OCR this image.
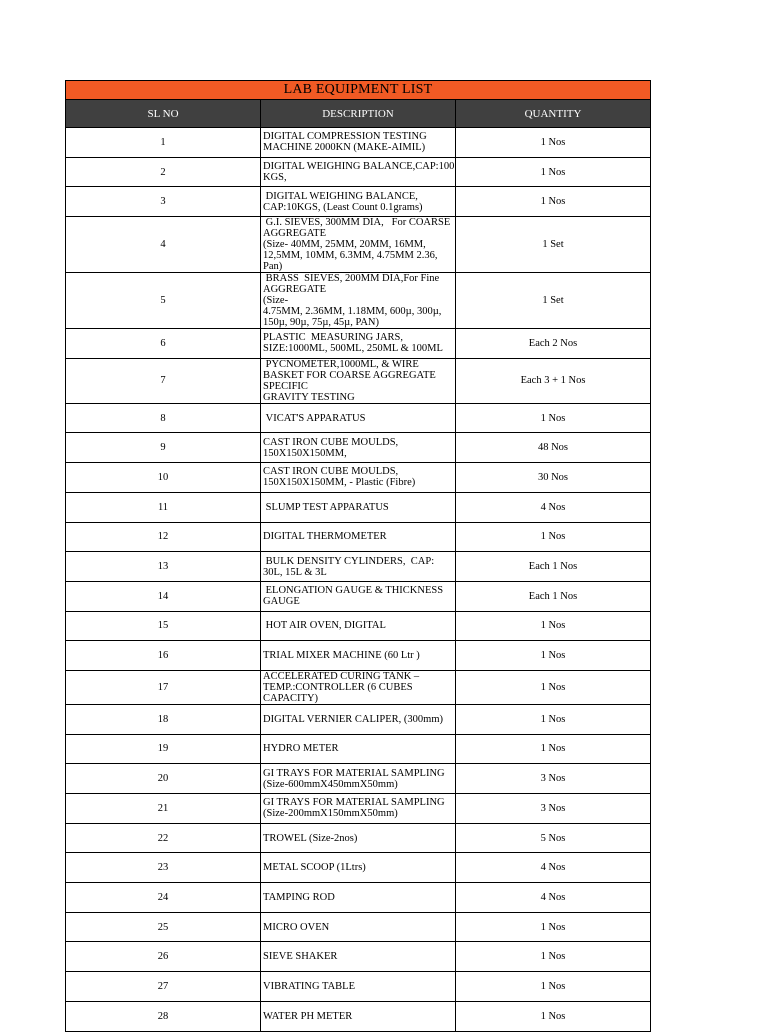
LAB EQUIPMENT LIST		
SL NO	DESCRIPTION	QUANTITY
1	DIGITAL COMPRESSION TESTING MACHINE 2000KN (MAKE-AIMIL)	1 Nos
2	DIGITAL WEIGHING BALANCE,CAP:100 KGS,	1 Nos
3	DIGITAL WEIGHING BALANCE, CAP:10KGS, (Least Count 0.1grams)	1 Nos
4	G.I. SIEVES, 300MM DIA,   For COARSE AGGREGATE
(Size- 40MM, 25MM, 20MM, 16MM, 12,5MM, 10MM, 6.3MM, 4.75MM 2.36, Pan)	1 Set
5	BRASS  SIEVES, 200MM DIA,For Fine AGGREGATE                                        (Size-
4.75MM, 2.36MM, 1.18MM, 600µ, 300µ, 150µ, 90µ, 75µ, 45µ, PAN)	1 Set
6	PLASTIC  MEASURING JARS, SIZE:1000ML, 500ML, 250ML & 100ML	Each 2 Nos
7	PYCNOMETER,1000ML, & WIRE BASKET FOR COARSE AGGREGATE SPECIFIC
GRAVITY TESTING	Each 3 + 1 Nos
8	VICAT'S APPARATUS	1 Nos
9	CAST IRON CUBE MOULDS, 150X150X150MM,	48 Nos
10	CAST IRON CUBE MOULDS, 150X150X150MM, - Plastic (Fibre)	30 Nos
11	SLUMP TEST APPARATUS	4 Nos
12	DIGITAL THERMOMETER	1 Nos
13	BULK DENSITY CYLINDERS,  CAP: 30L, 15L & 3L	Each 1 Nos
14	ELONGATION GAUGE & THICKNESS GAUGE	Each 1 Nos
15	HOT AIR OVEN, DIGITAL	1 Nos
16	TRIAL MIXER MACHINE (60 Ltr )	1 Nos
17	ACCELERATED CURING TANK – TEMP.:CONTROLLER (6 CUBES CAPACITY)	1 Nos
18	DIGITAL VERNIER CALIPER, (300mm)	1 Nos
19	HYDRO METER	1 Nos
20	GI TRAYS FOR MATERIAL SAMPLING (Size-600mmX450mmX50mm)	3 Nos
21	GI TRAYS FOR MATERIAL SAMPLING (Size-200mmX150mmX50mm)	3 Nos
22	TROWEL (Size-2nos)	5 Nos
23	METAL SCOOP (1Ltrs)	4 Nos
24	TAMPING ROD	4 Nos
25	MICRO OVEN	1 Nos
26	SIEVE SHAKER	1 Nos
27	VIBRATING TABLE	1 Nos
28	WATER PH METER	1 Nos
